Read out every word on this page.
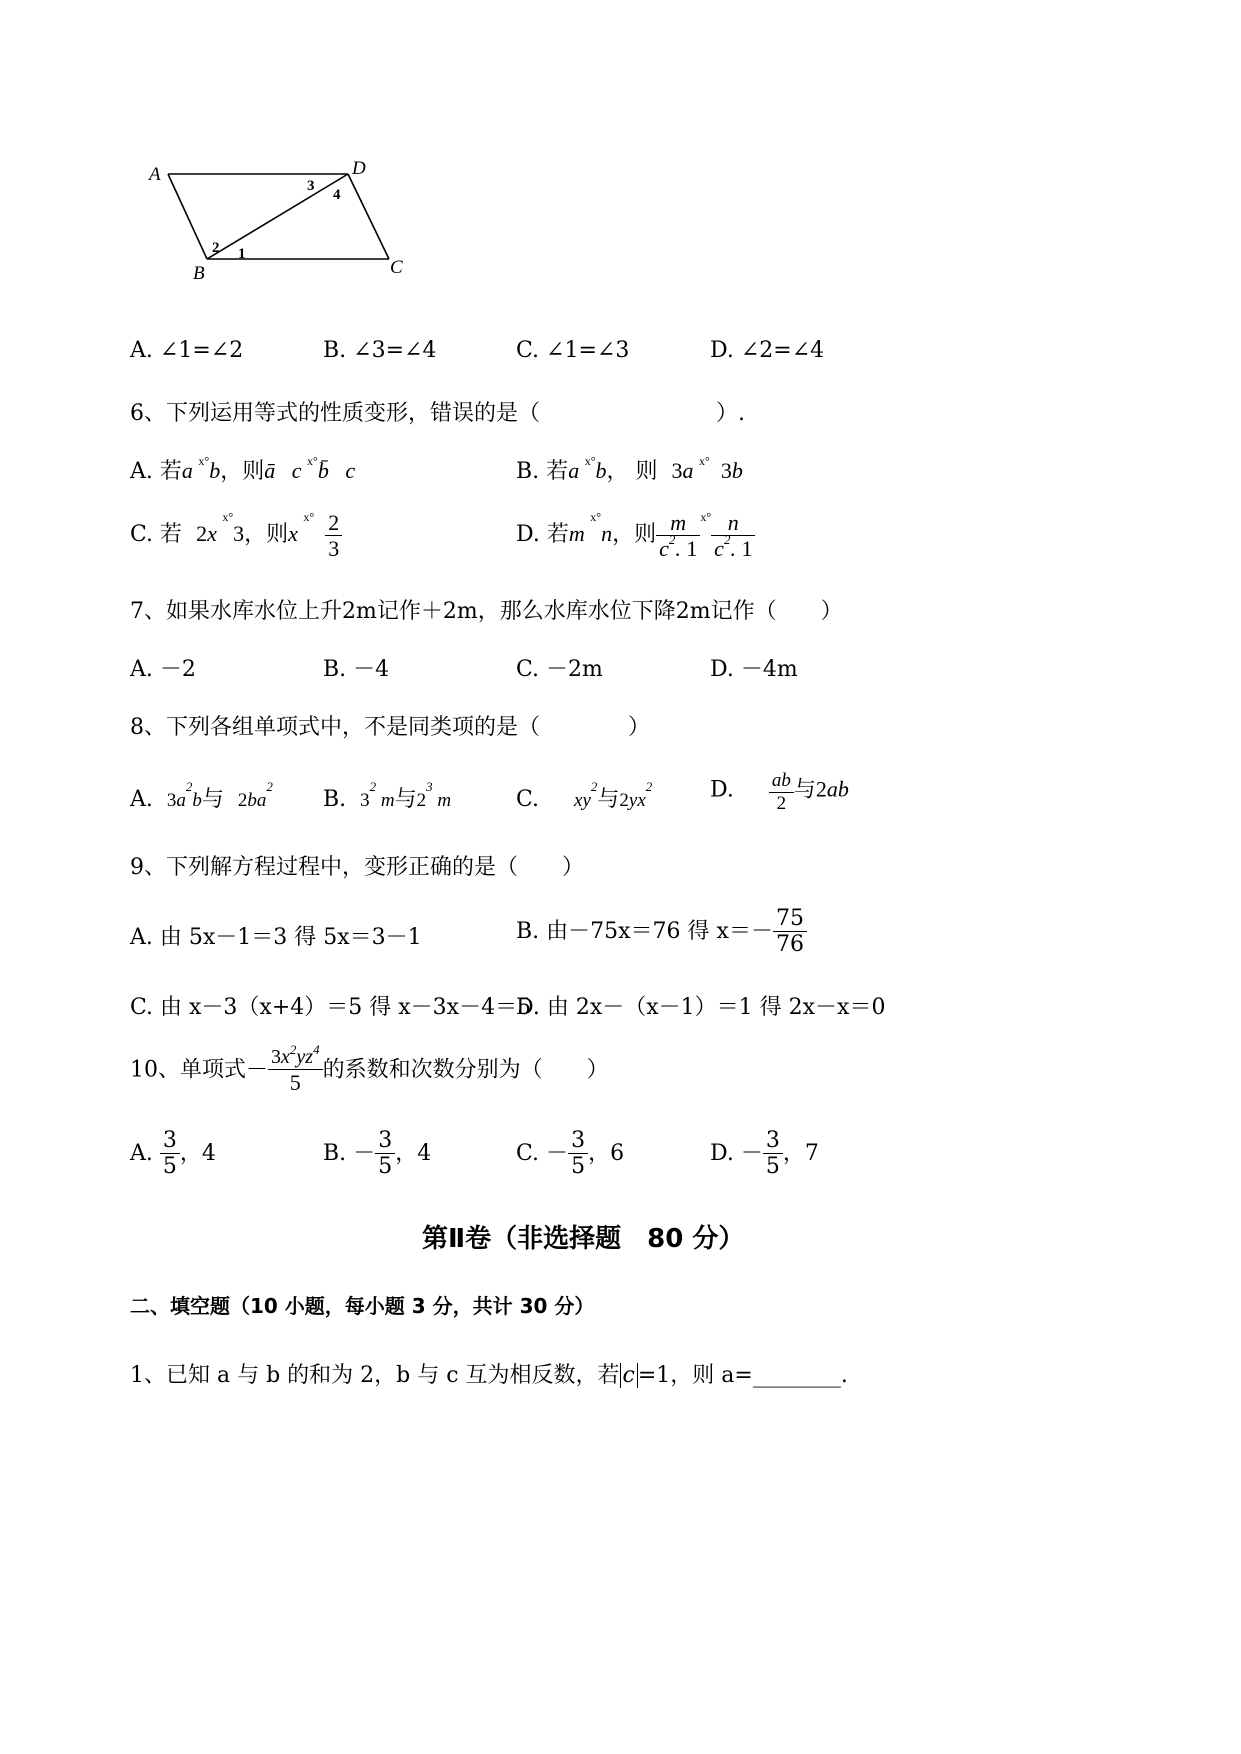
A	D
B	C
3
4
2 1
A. ∠1=∠2	B. ∠3=∠4	C. ∠1=∠3	D. ∠2=∠4
6、下列运用等式的性质变形，错误的是（　　　　　　　　）.
A. 若a $^{x^\circ}$b，则ā   c $^{x^\circ}$b̄   c	B. 若a $^{x^\circ}$b， 则 3a $^{x^\circ}$ 3b
C. 若 2x $^{x^\circ}$3，则x $^{x^\circ} \frac{2}{3}$	D. 若m $^{x^\circ}$n，则 $\frac{m}{c^2. 1} ^{x^\circ} \frac{n}{c^2. 1}$
7、如果水库水位上升2m记作＋2m，那么水库水位下降2m记作（　　）
A. －2	B. －4	C. －2m	D. －4m
8、下列各组单项式中，不是同类项的是（　　　　）
A. $3a^2b$与 $2ba^2$
B. $3^2$ m与$2^3$ m	C. $xy^2$与$2yx^2$	D. $\frac{ab}{2}$ 与2ab
9、下列解方程过程中，变形正确的是（　　）
A. 由 5x－1＝3 得 5x＝3－1	B. 由－75x＝76 得 $x=- \frac{75}{76}$
C. 由 x－3（x+4）＝5 得 x－3x－4＝5
D. 由 2x－（x－1）＝1 得 2x－x＝0
10、单项式－ $\frac{3x^2yz^4}{5}$ 的系数和次数分别为（　　）
A. $\frac{3}{5}$ ，4	B. － $\frac{3}{5}$ ，4	C. － $\frac{3}{5}$ ，6	D. － $\frac{3}{5}$ ，7
第Ⅱ卷（非选择题　80 分）
二、填空题（10 小题，每小题 3 分，共计 30 分）
1、已知 a 与 b 的和为 2，b 与 c 互为相反数，若 c =1，则 a=________.
